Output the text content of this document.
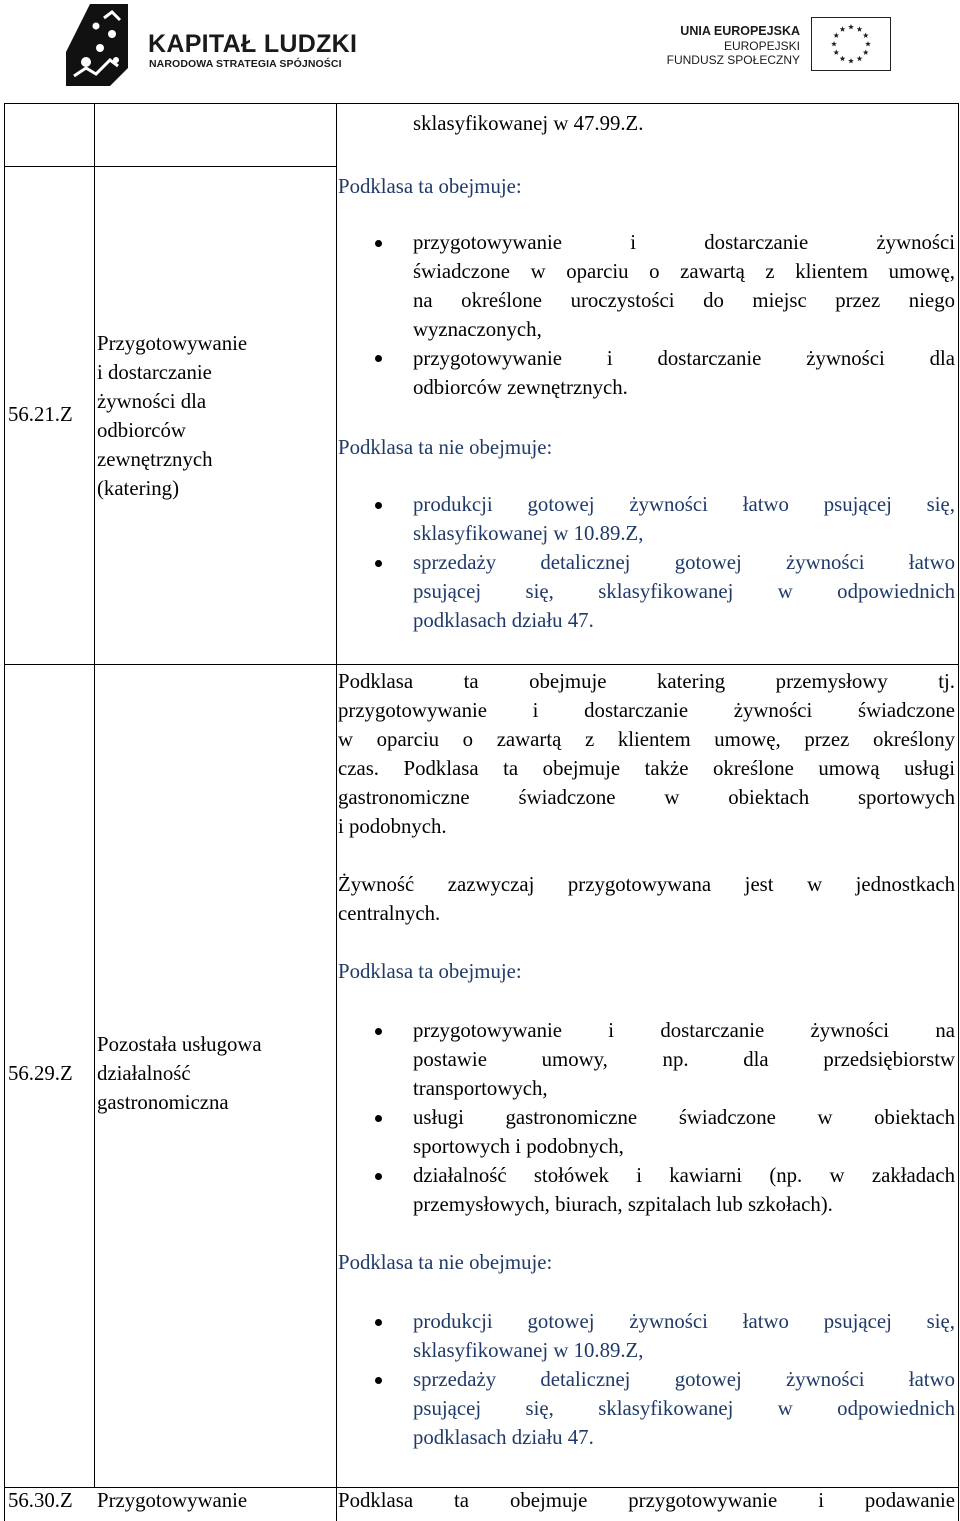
KAPITAŁ LUDZKI
NARODOWA STRATEGIA SPÓJNOŚCI
UNIA EUROPEJSKA
EUROPEJSKI
FUNDUSZ SPOŁECZNY
sklasyfikowanej w 47.99.Z.
56.21.Z
Przygotowywanie
i dostarczanie
żywności dla
odbiorców
zewnętrznych
(katering)
Podklasa ta obejmuje:
przygotowywanie i dostarczanie żywności
świadczone w oparciu o zawartą z klientem umowę,
na określone uroczystości do miejsc przez niego
wyznaczonych,
przygotowywanie i dostarczanie żywności dla
odbiorców zewnętrznych.
Podklasa ta nie obejmuje:
produkcji gotowej żywności łatwo psującej się,
sklasyfikowanej w 10.89.Z,
sprzedaży detalicznej gotowej żywności łatwo
psującej się, sklasyfikowanej w odpowiednich
podklasach działu 47.
56.29.Z
Pozostała usługowa
działalność
gastronomiczna
Podklasa ta obejmuje katering przemysłowy tj.
przygotowywanie i dostarczanie żywności świadczone
w oparciu o zawartą z klientem umowę, przez określony
czas. Podklasa ta obejmuje także określone umową usługi
gastronomiczne świadczone w obiektach sportowych
i podobnych.
Żywność zazwyczaj przygotowywana jest w jednostkach
centralnych.
Podklasa ta obejmuje:
przygotowywanie i dostarczanie żywności na
postawie umowy, np. dla przedsiębiorstw
transportowych,
usługi gastronomiczne świadczone w obiektach
sportowych i podobnych,
działalność stołówek i kawiarni (np. w zakładach
przemysłowych, biurach, szpitalach lub szkołach).
Podklasa ta nie obejmuje:
produkcji gotowej żywności łatwo psującej się,
sklasyfikowanej w 10.89.Z,
sprzedaży detalicznej gotowej żywności łatwo
psującej się, sklasyfikowanej w odpowiednich
podklasach działu 47.
56.30.Z Przygotowywanie	Podklasa ta obejmuje przygotowywanie i podawanie
